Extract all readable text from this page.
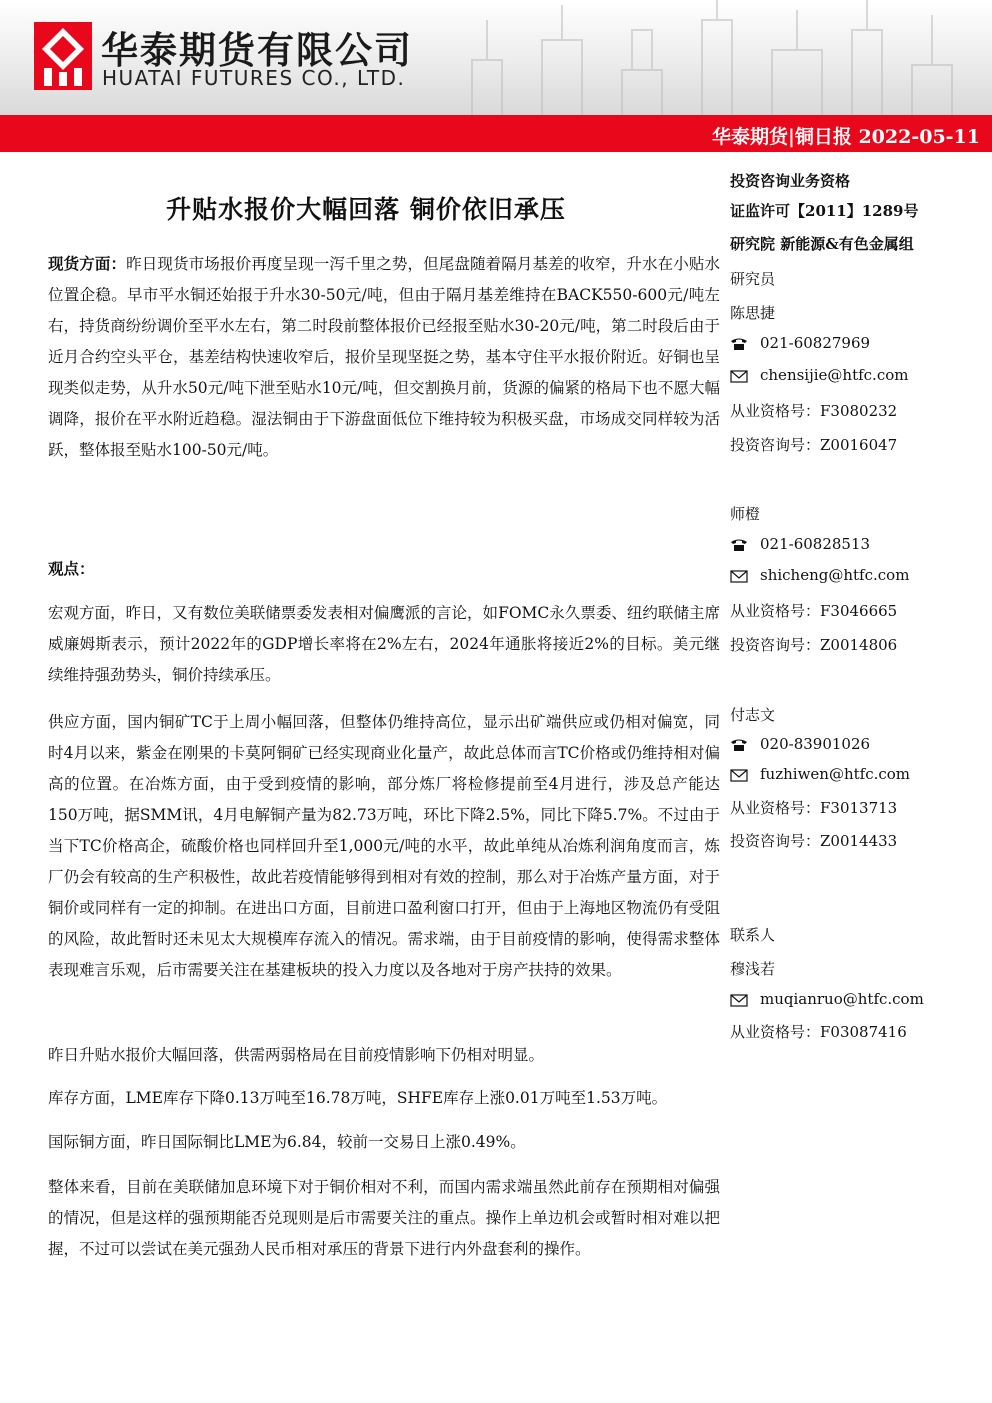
华泰期货有限公司
HUATAI FUTURES CO., LTD.
华泰期货|铜日报 2022-05-11
升贴水报价大幅回落 铜价依旧承压

现货方面：昨日现货市场报价再度呈现一泻千里之势，但尾盘随着隔月基差的收窄，升水在小贴水位置企稳。早市平水铜还始报于升水30-50元/吨，但由于隔月基差维持在BACK550-600元/吨左右，持货商纷纷调价至平水左右，第二时段前整体报价已经报至贴水30-20元/吨，第二时段后由于近月合约空头平仓，基差结构快速收窄后，报价呈现坚挺之势，基本守住平水报价附近。好铜也呈现类似走势，从升水50元/吨下泄至贴水10元/吨，但交割换月前，货源的偏紧的格局下也不愿大幅调降，报价在平水附近趋稳。湿法铜由于下游盘面低位下维持较为积极买盘，市场成交同样较为活跃，整体报至贴水100-50元/吨。

观点：

宏观方面，昨日，又有数位美联储票委发表相对偏鹰派的言论，如FOMC永久票委、纽约联储主席威廉姆斯表示，预计2022年的GDP增长率将在2%左右，2024年通胀将接近2%的目标。美元继续维持强劲势头，铜价持续承压。

供应方面，国内铜矿TC于上周小幅回落，但整体仍维持高位，显示出矿端供应或仍相对偏宽，同时4月以来，紫金在刚果的卡莫阿铜矿已经实现商业化量产，故此总体而言TC价格或仍维持相对偏高的位置。在冶炼方面，由于受到疫情的影响，部分炼厂将检修提前至4月进行，涉及总产能达150万吨，据SMM讯，4月电解铜产量为82.73万吨，环比下降2.5%，同比下降5.7%。不过由于当下TC价格高企，硫酸价格也同样回升至1,000元/吨的水平，故此单纯从冶炼利润角度而言，炼厂仍会有较高的生产积极性，故此若疫情能够得到相对有效的控制，那么对于冶炼产量方面，对于铜价或同样有一定的抑制。在进出口方面，目前进口盈利窗口打开，但由于上海地区物流仍有受阻的风险，故此暂时还未见太大规模库存流入的情况。需求端，由于目前疫情的影响，使得需求整体表现难言乐观，后市需要关注在基建板块的投入力度以及各地对于房产扶持的效果。

昨日升贴水报价大幅回落，供需两弱格局在目前疫情影响下仍相对明显。

库存方面，LME库存下降0.13万吨至16.78万吨，SHFE库存上涨0.01万吨至1.53万吨。

国际铜方面，昨日国际铜比LME为6.84，较前一交易日上涨0.49%。

整体来看，目前在美联储加息环境下对于铜价相对不利，而国内需求端虽然此前存在预期相对偏强的情况，但是这样的强预期能否兑现则是后市需要关注的重点。操作上单边机会或暂时相对难以把握，不过可以尝试在美元强劲人民币相对承压的背景下进行内外盘套利的操作。

投资咨询业务资格
证监许可【2011】1289号
研究院 新能源&有色金属组
研究员
陈思捷
021-60827969
chensijie@htfc.com
从业资格号：F3080232
投资咨询号：Z0016047
师橙
021-60828513
shicheng@htfc.com
从业资格号：F3046665
投资咨询号：Z0014806
付志文
020-83901026
fuzhiwen@htfc.com
从业资格号：F3013713
投资咨询号：Z0014433
联系人
穆浅若
muqianruo@htfc.com
从业资格号：F03087416
